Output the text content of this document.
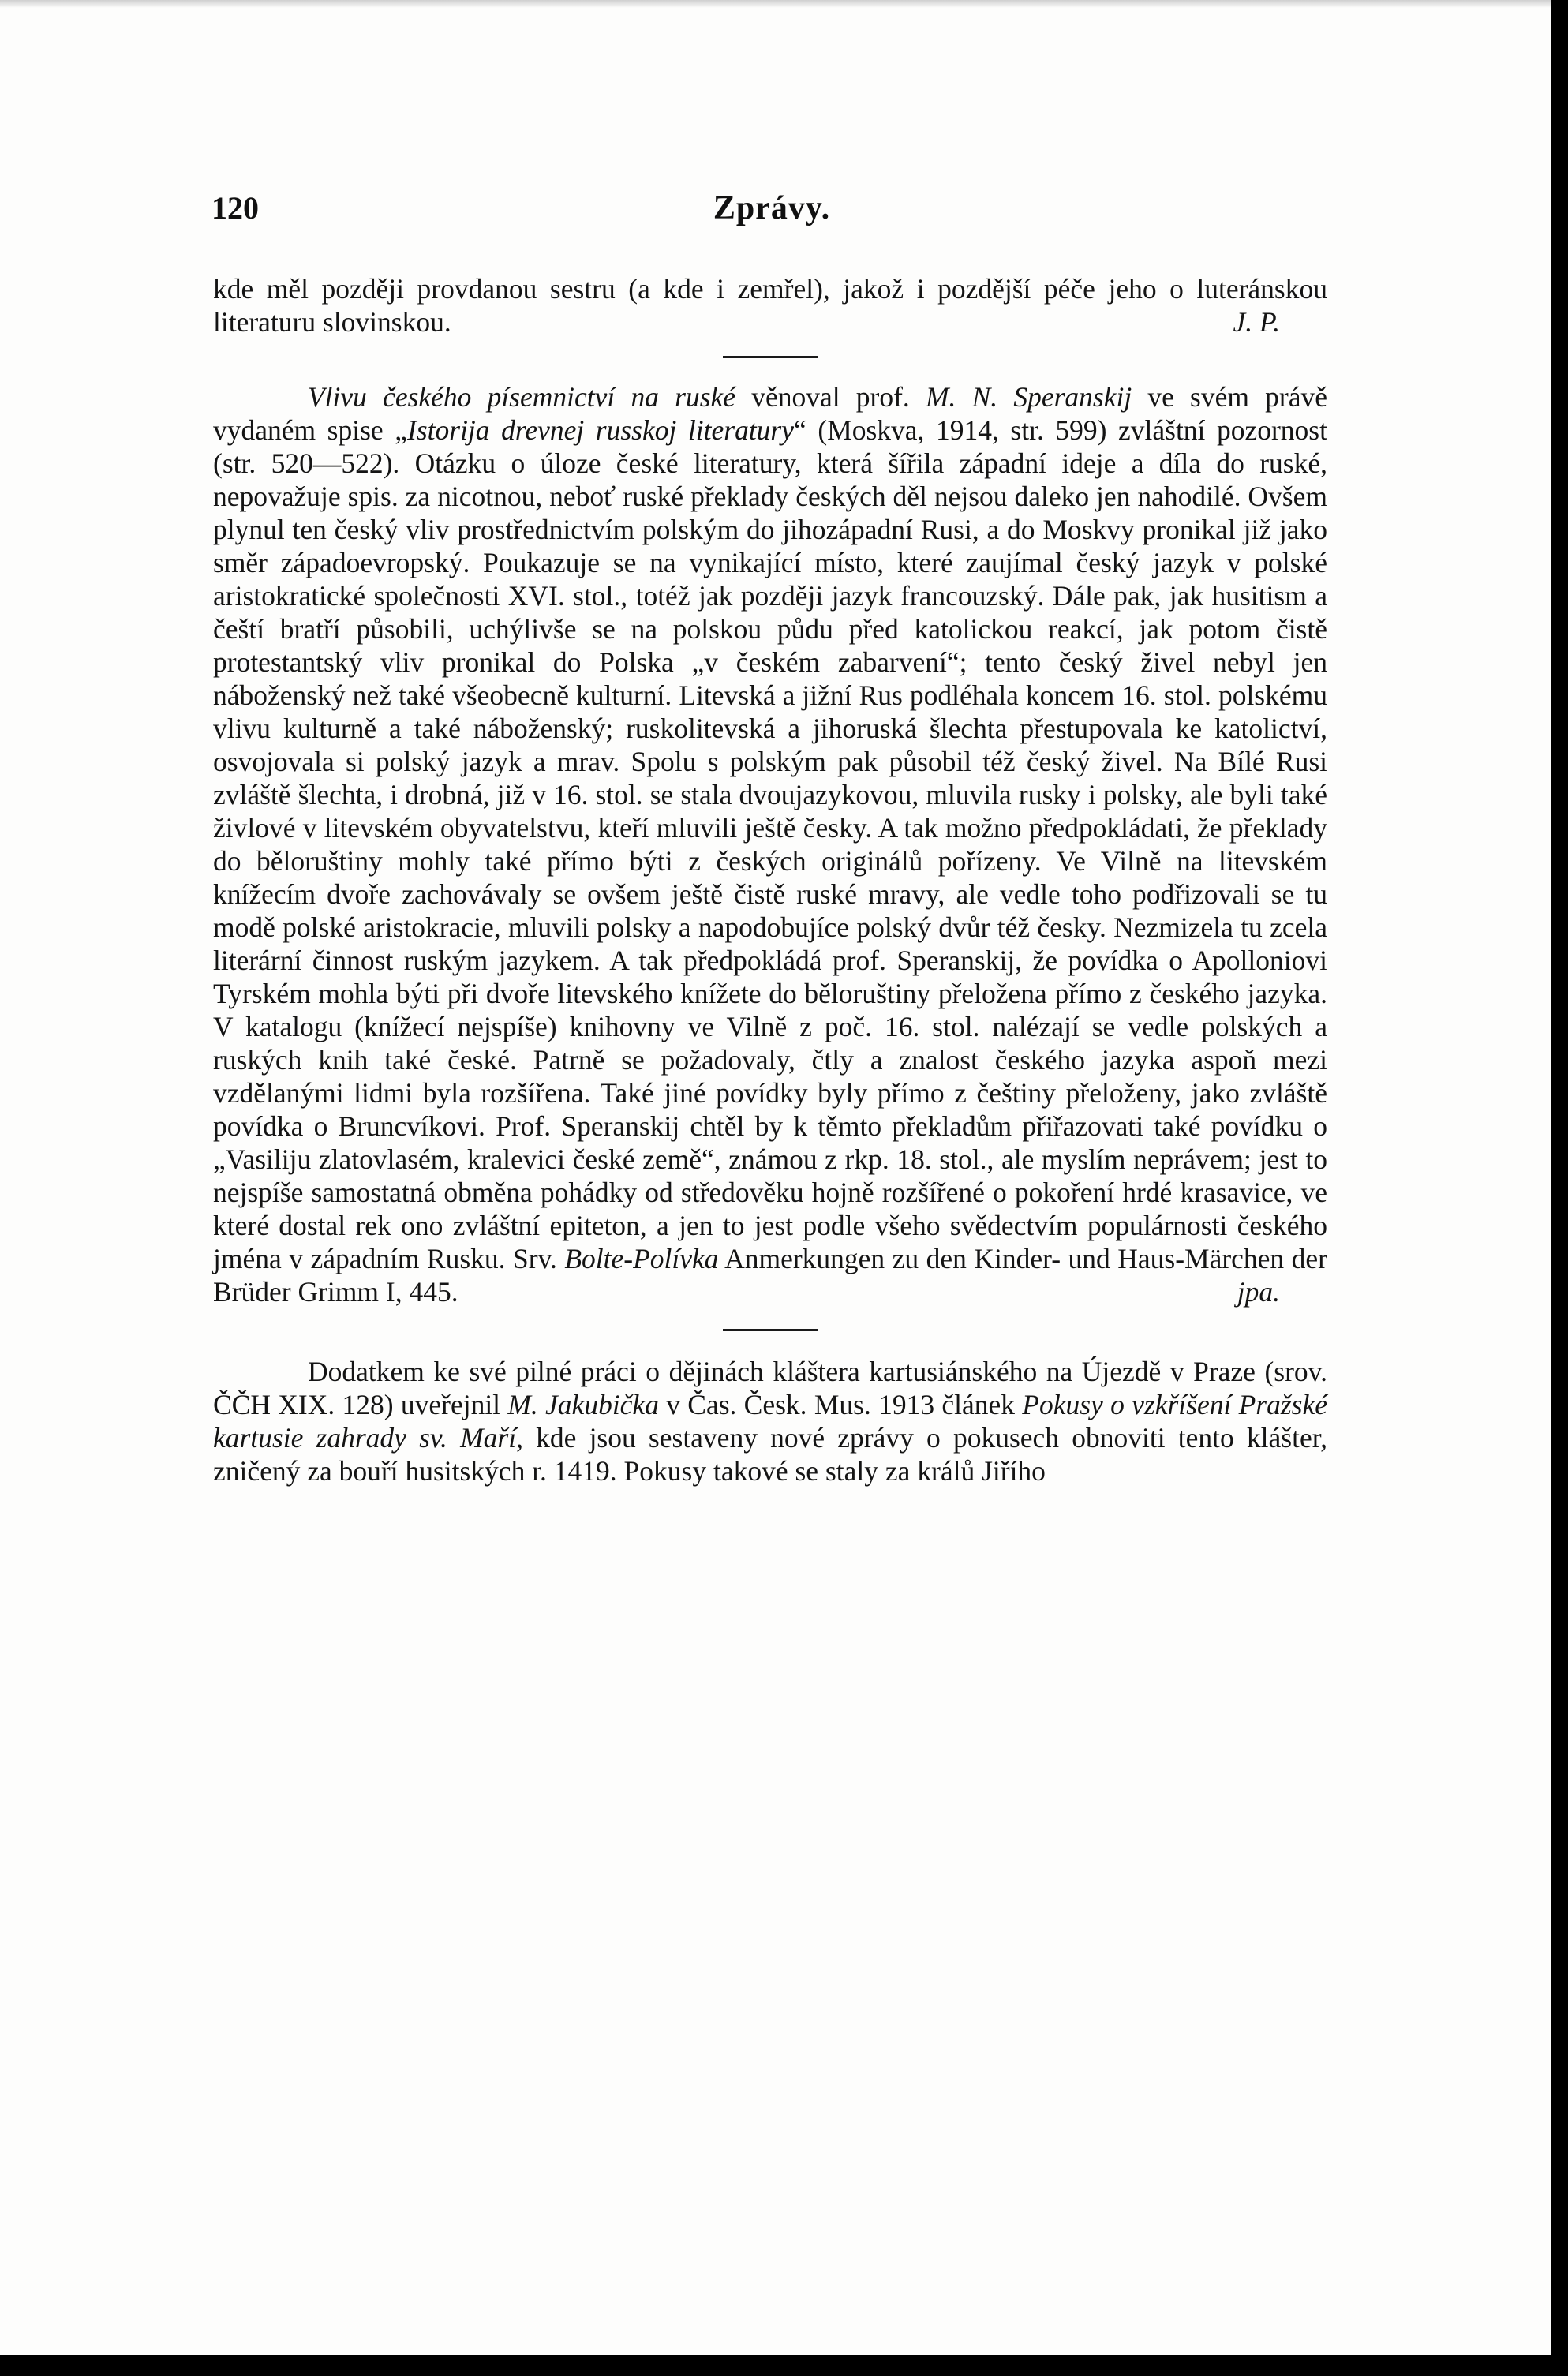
120	Zprávy.

kde měl později provdanou sestru (a kde i zemřel), jakož i pozdější péče jeho o luteránskou literaturu slovinskou.	J. P.

Vlivu českého písemnictví na ruské věnoval prof. M. N. Speranskij ve svém právě vydaném spise „Istorija drevnej russkoj literatury“ (Moskva, 1914, str. 599) zvláštní pozornost (str. 520—522). Otázku o úloze české literatury, která šířila západní ideje a díla do ruské, nepovažuje spis. za nicotnou, neboť ruské překlady českých děl nejsou daleko jen nahodilé. Ovšem plynul ten český vliv prostřednictvím polským do jihozápadní Rusi, a do Moskvy pronikal již jako směr západoevropský. Poukazuje se na vynikající místo, které zaujímal český jazyk v polské aristokratické společnosti XVI. stol., totéž jak později jazyk francouzský. Dále pak, jak husitism a čeští bratří působili, uchýlivše se na polskou půdu před katolickou reakcí, jak potom čistě protestantský vliv pronikal do Polska „v českém zabarvení“; tento český živel nebyl jen náboženský než také všeobecně kulturní. Litevská a jižní Rus podléhala koncem 16. stol. polskému vlivu kulturně a také náboženský; ruskolitevská a jihoruská šlechta přestupovala ke katolictví, osvojovala si polský jazyk a mrav. Spolu s polským pak působil též český živel. Na Bílé Rusi zvláště šlechta, i drobná, již v 16. stol. se stala dvoujazykovou, mluvila rusky i polsky, ale byli také živlové v litevském obyvatelstvu, kteří mluvili ještě česky. A tak možno předpokládati, že překlady do běloruštiny mohly také přímo býti z českých originálů pořízeny. Ve Vilně na litevském knížecím dvoře zachovávaly se ovšem ještě čistě ruské mravy, ale vedle toho podřizovali se tu modě polské aristokracie, mluvili polsky a napodobujíce polský dvůr též česky. Nezmizela tu zcela literární činnost ruským jazykem. A tak předpokládá prof. Speranskij, že povídka o Apolloniovi Tyrském mohla býti při dvoře litevského knížete do běloruštiny přeložena přímo z českého jazyka. V katalogu (knížecí nejspíše) knihovny ve Vilně z poč. 16. stol. nalézají se vedle polských a ruských knih také české. Patrně se požadovaly, čtly a znalost českého jazyka aspoň mezi vzdělanými lidmi byla rozšířena. Také jiné povídky byly přímo z češtiny přeloženy, jako zvláště povídka o Bruncvíkovi. Prof. Speranskij chtěl by k těmto překladům přiřazovati také povídku o „Vasiliju zlatovlasém, kralevici české země“, známou z rkp. 18. stol., ale myslím neprávem; jest to nejspíše samostatná obměna pohádky od středověku hojně rozšířené o pokoření hrdé krasavice, ve které dostal rek ono zvláštní epiteton, a jen to jest podle všeho svědectvím populárnosti českého jména v západním Rusku. Srv. Bolte-Polívka Anmerkungen zu den Kinder- und Haus-Märchen der Brüder Grimm I, 445.	jpa.

Dodatkem ke své pilné práci o dějinách kláštera kartusiánského na Újezdě v Praze (srov. ČČH XIX. 128) uveřejnil M. Jakubička v Čas. Česk. Mus. 1913 článek Pokusy o vzkříšení Pražské kartusie zahrady sv. Maří, kde jsou sestaveny nové zprávy o pokusech obnoviti tento klášter, zničený za bouří husitských r. 1419. Pokusy takové se staly za králů Jiřího
